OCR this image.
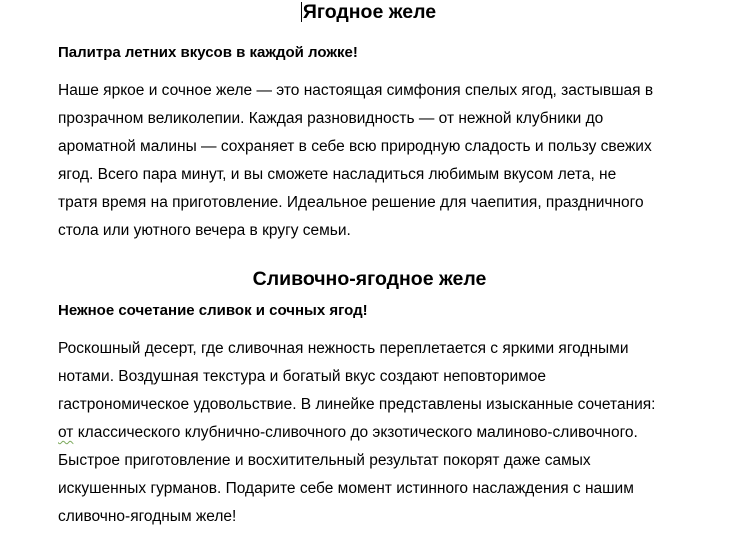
Ягодное желе
Палитра летних вкусов в каждой ложке!
Наше яркое и сочное желе — это настоящая симфония спелых ягод, застывшая в
прозрачном великолепии. Каждая разновидность — от нежной клубники до
ароматной малины — сохраняет в себе всю природную сладость и пользу свежих
ягод. Всего пара минут, и вы сможете насладиться любимым вкусом лета, не
тратя время на приготовление. Идеальное решение для чаепития, праздничного
стола или уютного вечера в кругу семьи.
Сливочно-ягодное желе
Нежное сочетание сливок и сочных ягод!
Роскошный десерт, где сливочная нежность переплетается с яркими ягодными
нотами. Воздушная текстура и богатый вкус создают неповторимое
гастрономическое удовольствие. В линейке представлены изысканные сочетания:
от классического клубнично-сливочного до экзотического малиново-сливочного.
Быстрое приготовление и восхитительный результат покорят даже самых
искушенных гурманов. Подарите себе момент истинного наслаждения с нашим
сливочно-ягодным желе!
